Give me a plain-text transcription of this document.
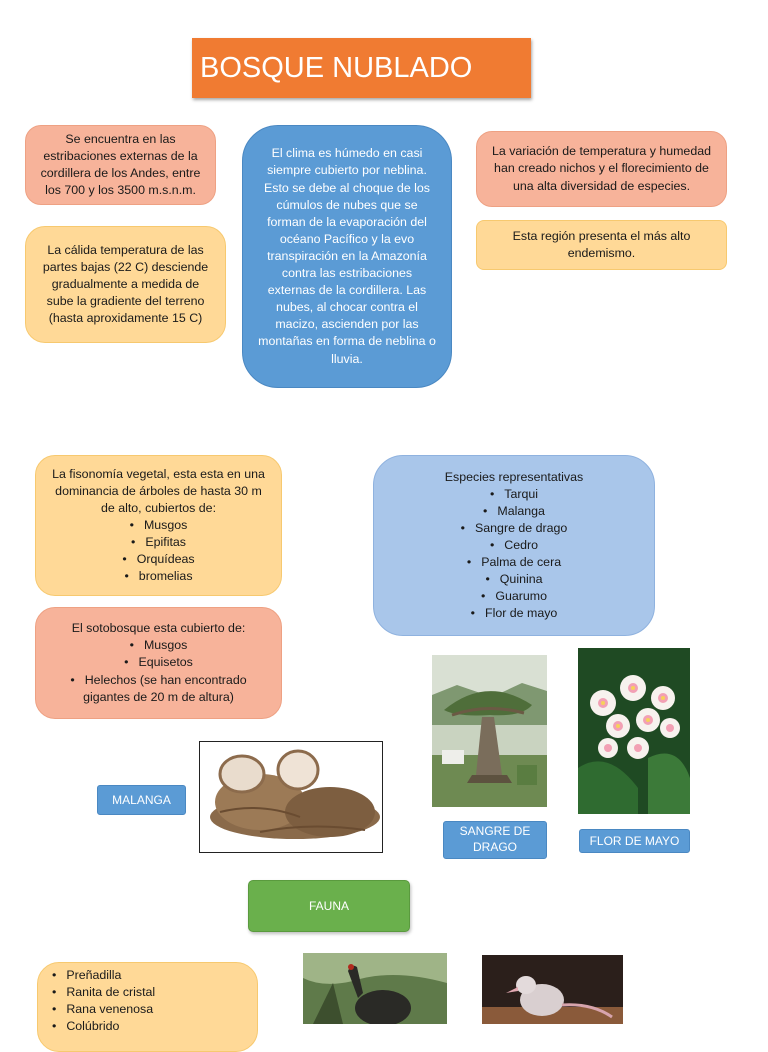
BOSQUE NUBLADO
Se encuentra en las estribaciones externas de la cordillera de los Andes, entre los 700 y los 3500 m.s.n.m.
La cálida temperatura de las partes bajas (22 C) desciende gradualmente a medida de sube la gradiente del terreno (hasta aproxidamente 15 C)
El clima es húmedo en casi siempre cubierto por neblina. Esto se debe al choque de los cúmulos de nubes que se forman de la evaporación del océano Pacífico y la evo transpiración en la Amazonía contra las estribaciones externas de la cordillera. Las nubes, al chocar contra el macizo, ascienden por las montañas en forma de neblina o lluvia.
La variación de temperatura y humedad han creado nichos y el florecimiento de una alta diversidad de especies.
Esta región presenta el más alto endemismo.
La fisonomía vegetal, esta esta en una dominancia de árboles de hasta 30 m de alto, cubiertos de:
• Musgos
• Epifitas
• Orquídeas
• bromelias
El sotobosque esta cubierto de:
• Musgos
• Equisetos
• Helechos (se han encontrado gigantes de 20 m de altura)
Especies representativas
• Tarqui
• Malanga
• Sangre de drago
• Cedro
• Palma de cera
• Quinina
• Guarumo
• Flor de mayo
MALANGA
SANGRE DE DRAGO	FLOR DE MAYO
FAUNA
• Preñadilla
• Ranita de cristal
• Rana venenosa
• Colúbrido
